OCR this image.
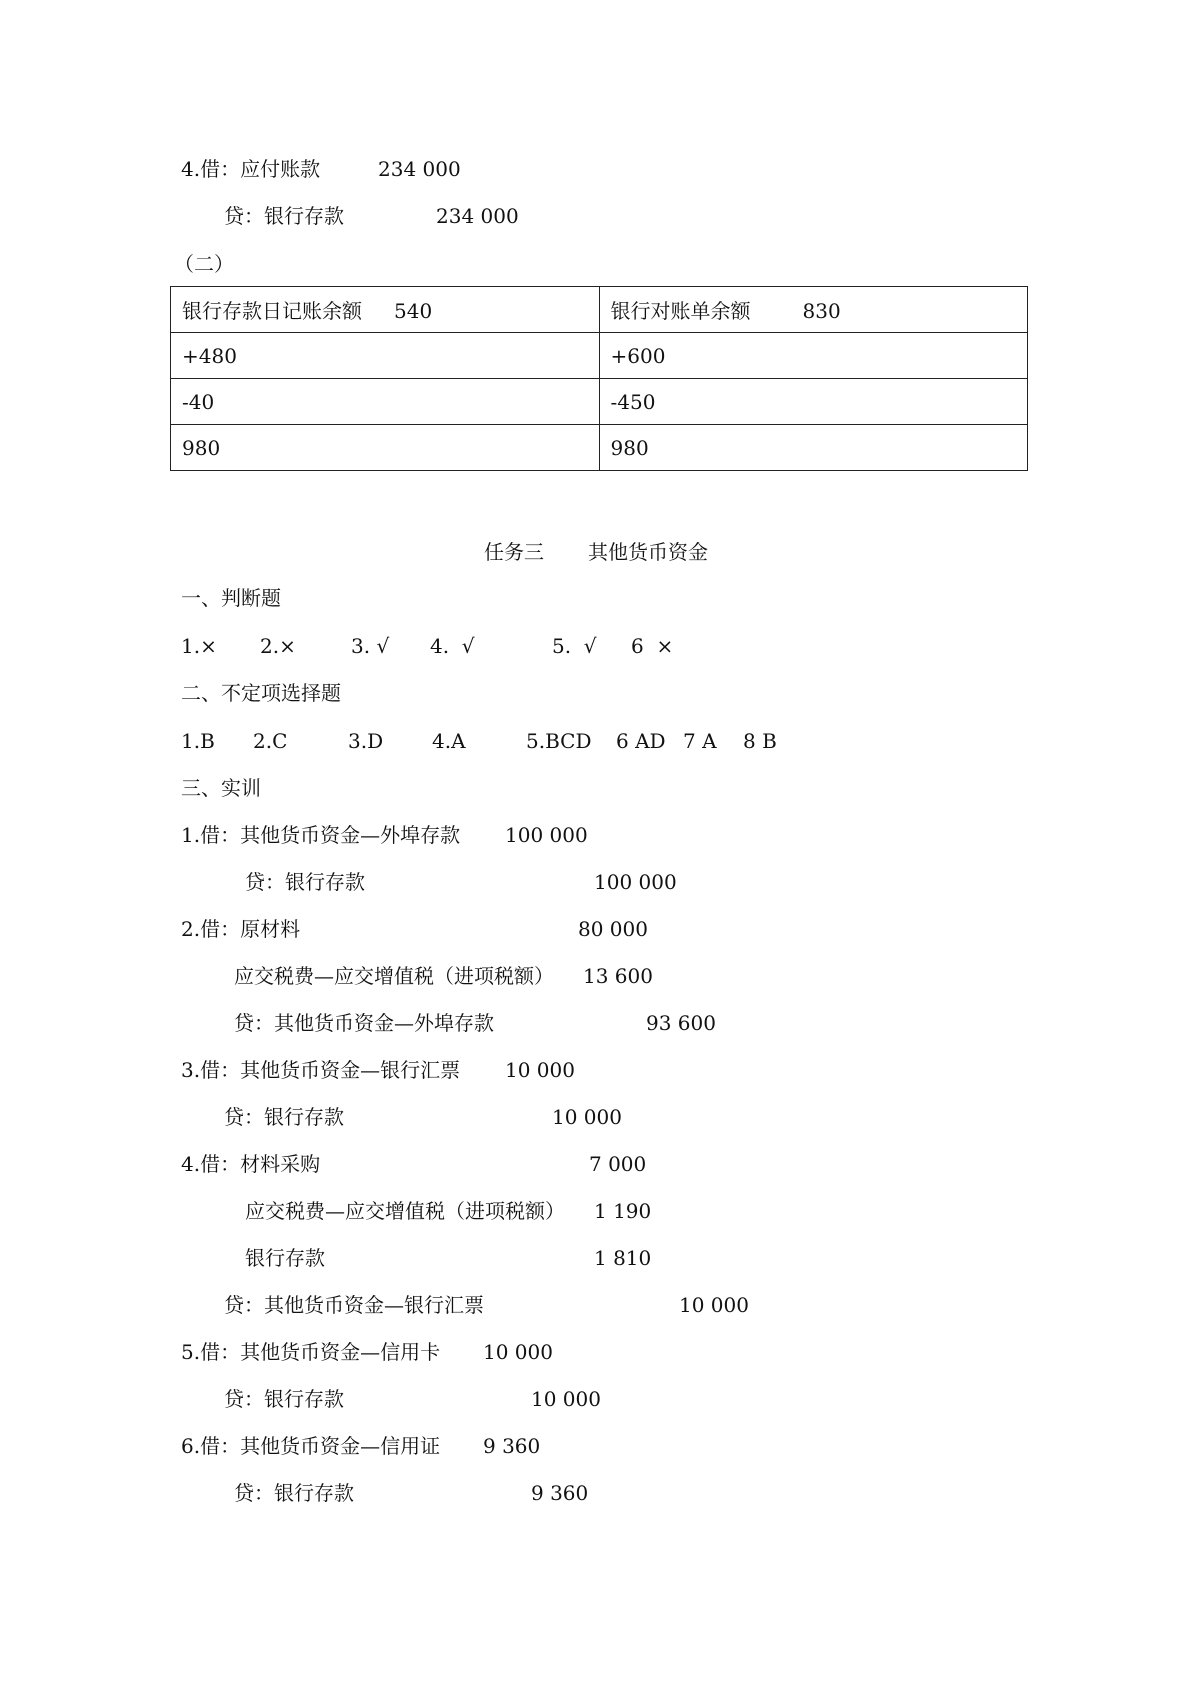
4.借：应付账款	234 000
贷：银行存款	234 000
（二）
银行存款日记账余额 540	银行对账单余额 830
+480	+600
-40	-450
980	980
任务三 其他货币资金
一、判断题
1.× 2.×	3. √ 4.  √	5.  √ 6  ×
二、不定项选择题
1.B 2.C	3.D 4.A	5.BCD 6 AD 7 A 8 B
三、实训
1.借：其他货币资金—外埠存款 100 000
贷：银行存款	100 000
2.借：原材料	80 000
应交税费—应交增值税（进项税额） 13 600
贷：其他货币资金—外埠存款	93 600
3.借：其他货币资金—银行汇票 10 000
贷：银行存款	10 000
4.借：材料采购	7 000
应交税费—应交增值税（进项税额） 1 190
银行存款	1 810
贷：其他货币资金—银行汇票	10 000
5.借：其他货币资金—信用卡 10 000
贷：银行存款	10 000
6.借：其他货币资金—信用证 9 360
贷：银行存款	9 360
